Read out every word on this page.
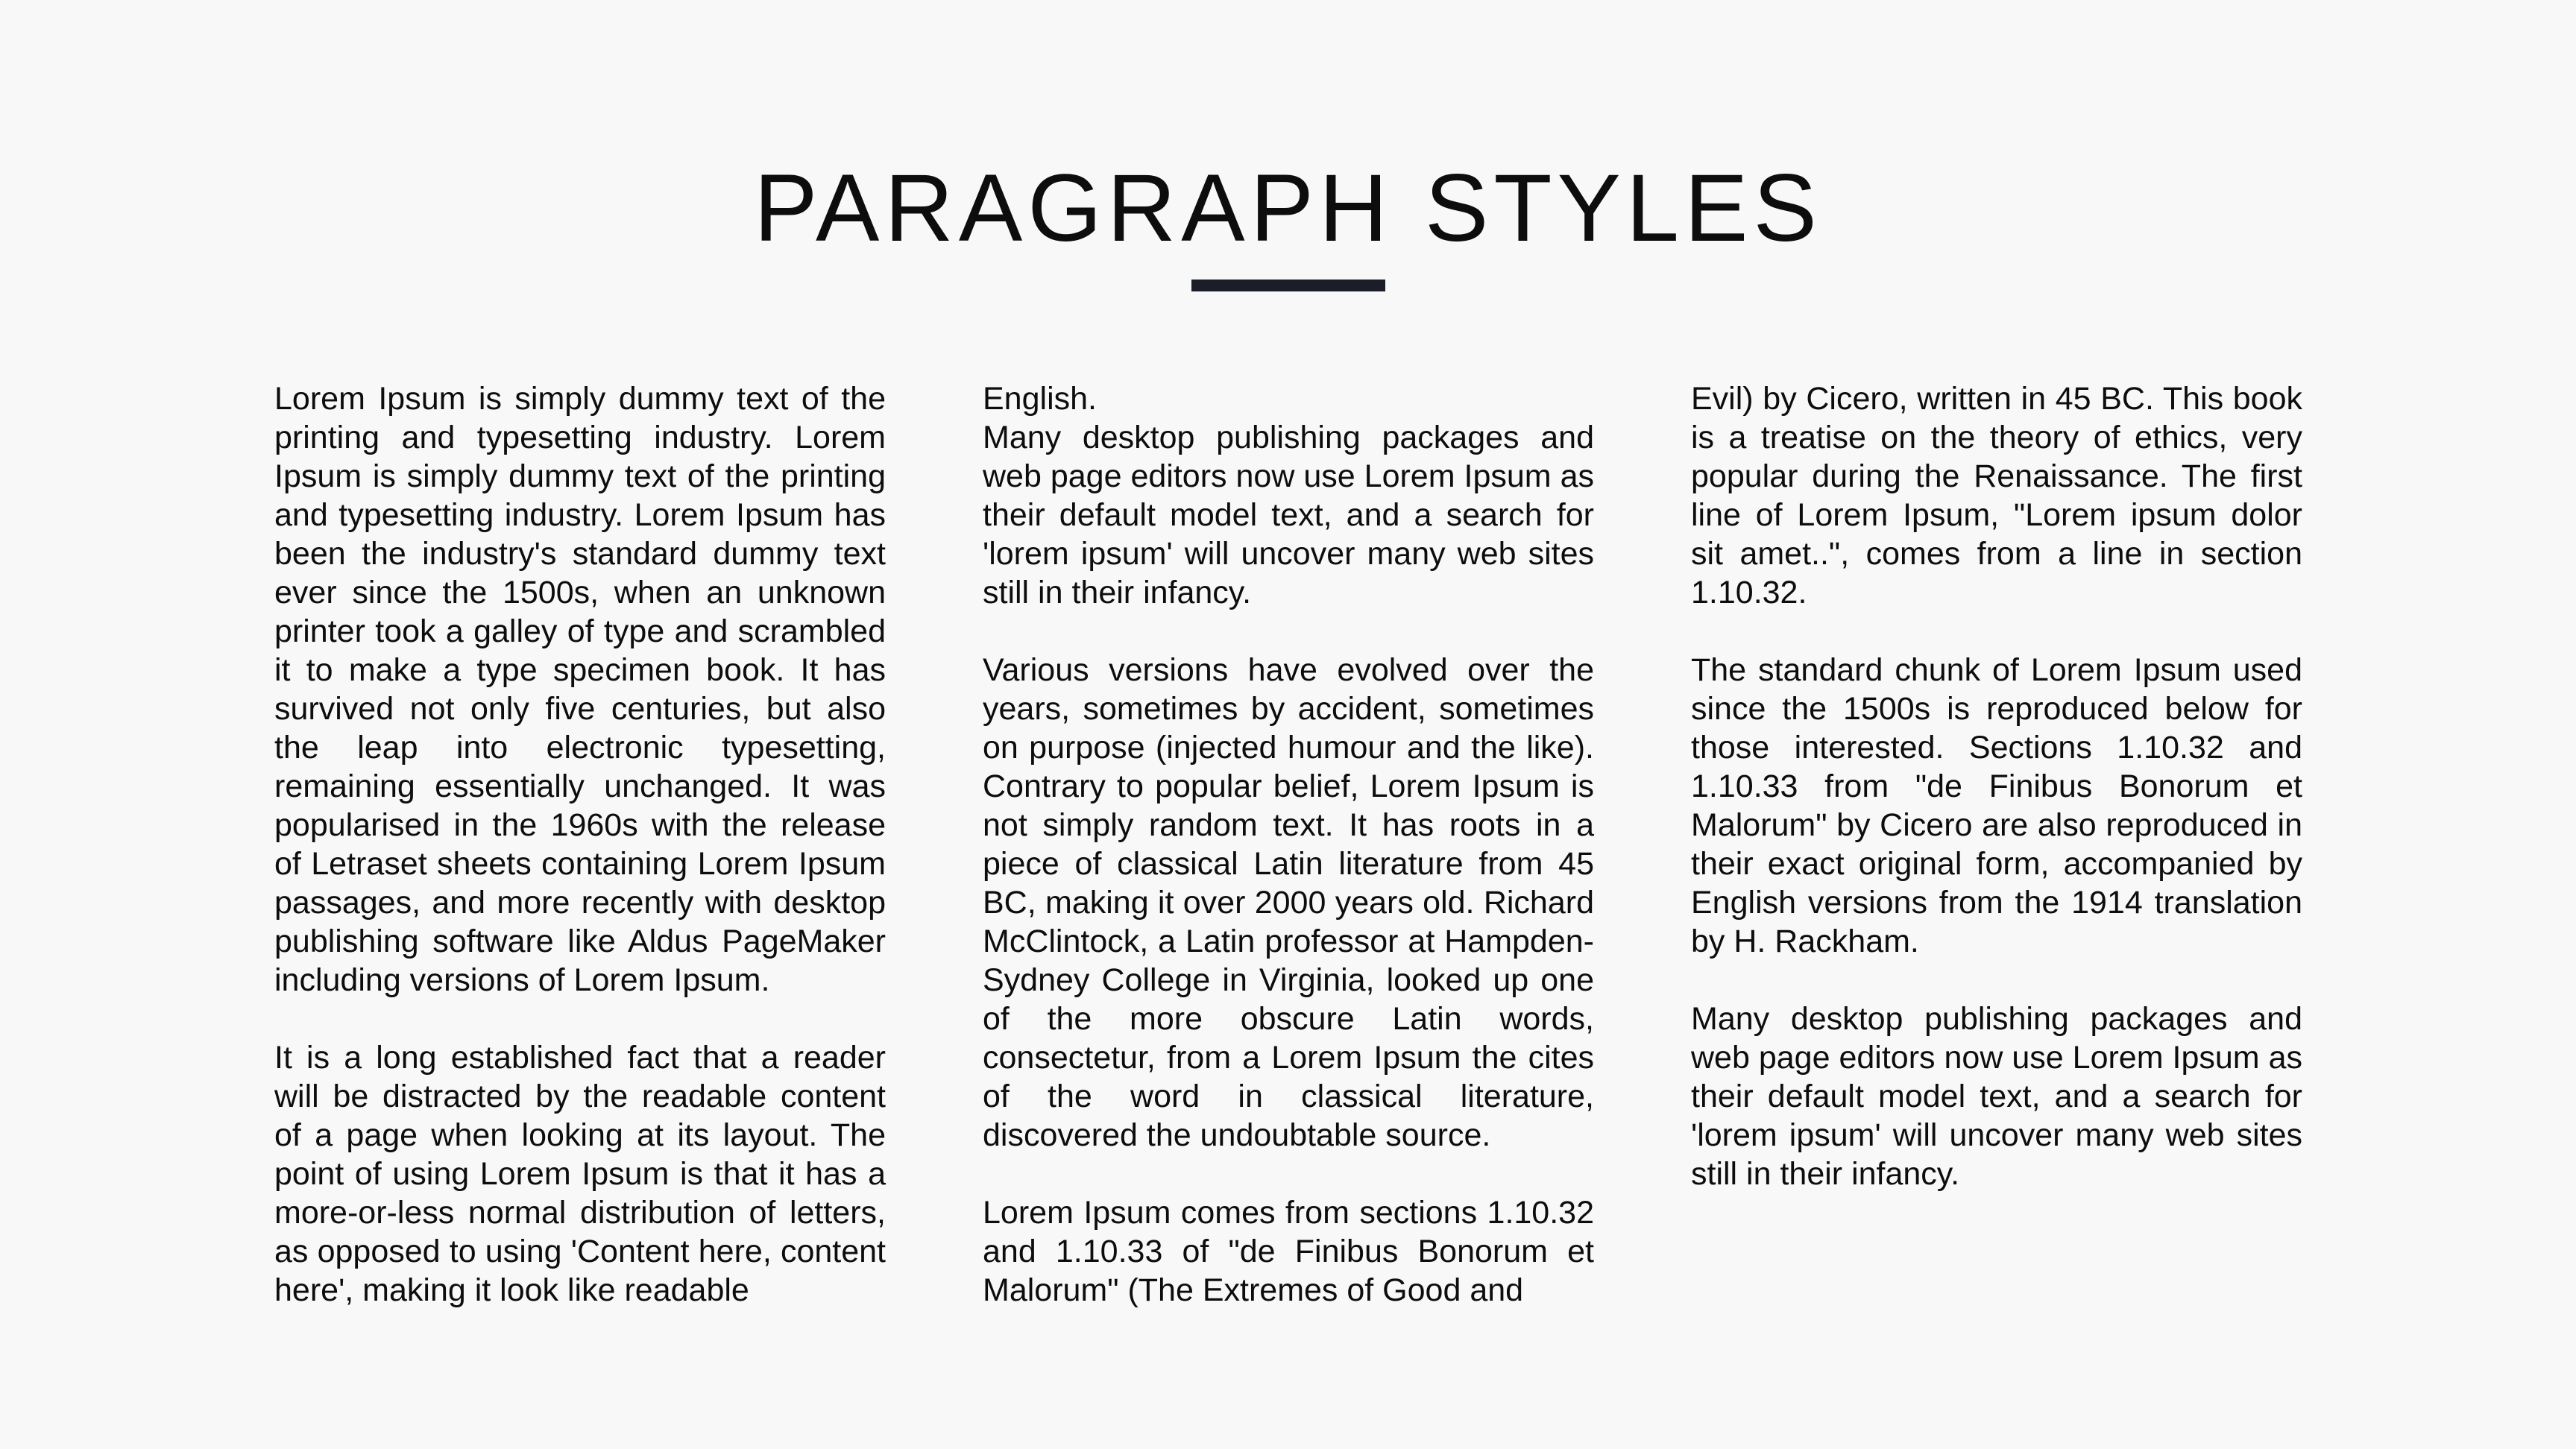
PARAGRAPH STYLES

Lorem Ipsum is simply dummy text of the printing and typesetting industry. Lorem Ipsum is simply dummy text of the printing and typesetting industry. Lorem Ipsum has been the industry's standard dummy text ever since the 1500s, when an unknown printer took a galley of type and scrambled it to make a type specimen book. It has survived not only five centuries, but also the leap into electronic typesetting, remaining essentially unchanged. It was popularised in the 1960s with the release of Letraset sheets containing Lorem Ipsum passages, and more recently with desktop publishing software like Aldus PageMaker including versions of Lorem Ipsum.

It is a long established fact that a reader will be distracted by the readable content of a page when looking at its layout. The point of using Lorem Ipsum is that it has a more-or-less normal distribution of letters, as opposed to using 'Content here, content here', making it look like readable

English.

Many desktop publishing packages and web page editors now use Lorem Ipsum as their default model text, and a search for 'lorem ipsum' will uncover many web sites still in their infancy.

Various versions have evolved over the years, sometimes by accident, sometimes on purpose (injected humour and the like). Contrary to popular belief, Lorem Ipsum is not simply random text. It has roots in a piece of classical Latin literature from 45 BC, making it over 2000 years old. Richard McClintock, a Latin professor at Hampden-Sydney College in Virginia, looked up one of the more obscure Latin words, consectetur, from a Lorem Ipsum the cites of the word in classical literature, discovered the undoubtable source.

Lorem Ipsum comes from sections 1.10.32 and 1.10.33 of "de Finibus Bonorum et Malorum" (The Extremes of Good and

Evil) by Cicero, written in 45 BC. This book is a treatise on the theory of ethics, very popular during the Renaissance. The first line of Lorem Ipsum, "Lorem ipsum dolor sit amet..", comes from a line in section 1.10.32.

The standard chunk of Lorem Ipsum used since the 1500s is reproduced below for those interested. Sections 1.10.32 and 1.10.33 from "de Finibus Bonorum et Malorum" by Cicero are also reproduced in their exact original form, accompanied by English versions from the 1914 translation by H. Rackham.

Many desktop publishing packages and web page editors now use Lorem Ipsum as their default model text, and a search for 'lorem ipsum' will uncover many web sites still in their infancy.
